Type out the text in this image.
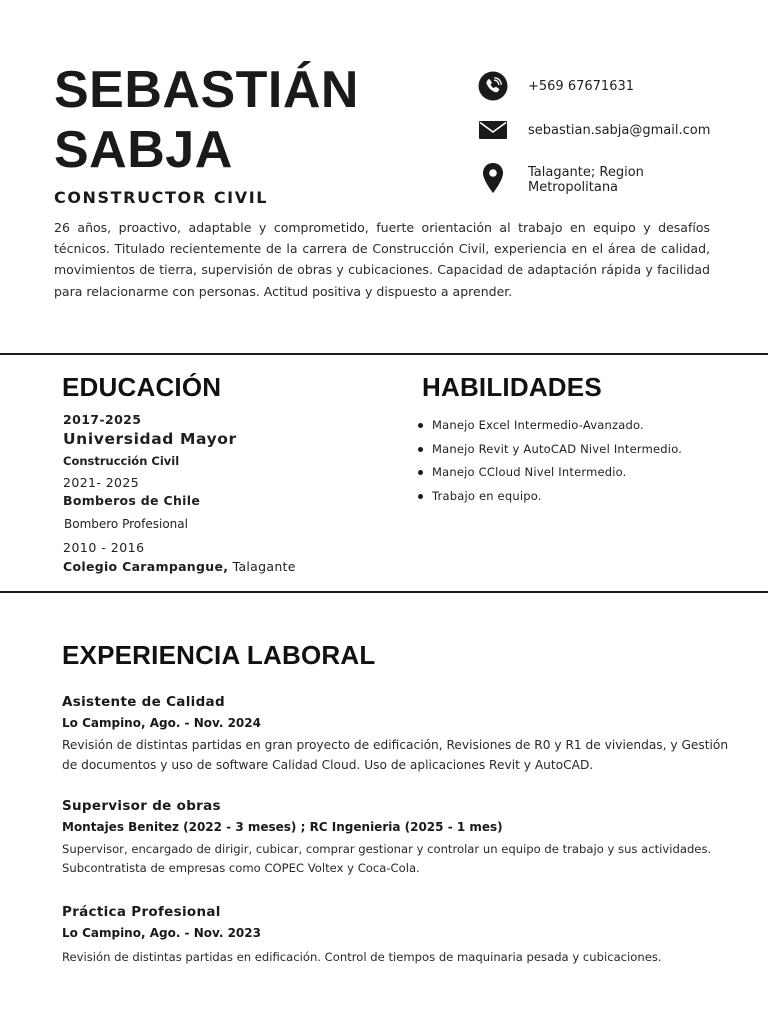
SEBASTIÁN
SABJA

CONSTRUCTOR CIVIL

+569 67671631
sebastian.sabja@gmail.com
Talagante; Region
Metropolitana

26 años, proactivo, adaptable y comprometido, fuerte orientación al trabajo en equipo y desafíos técnicos. Titulado recientemente de la carrera de Construcción Civil, experiencia en el área de calidad, movimientos de tierra, supervisión de obras y cubicaciones. Capacidad de adaptación rápida y facilidad para relacionarme con personas. Actitud positiva y dispuesto a aprender.

EDUCACIÓN

2017-2025

Universidad Mayor

Construcción Civil

2021- 2025

Bomberos de Chile

Bombero Profesional

2010 - 2016

Colegio Carampangue, Talagante

HABILIDADES
Manejo Excel Intermedio-Avanzado.
Manejo Revit y AutoCAD Nivel Intermedio.
Manejo CCloud Nivel Intermedio.
Trabajo en equipo.
EXPERIENCIA LABORAL

Asistente de Calidad

Lo Campino, Ago. - Nov. 2024

Revisión de distintas partidas en gran proyecto de edificación, Revisiones de R0 y R1 de viviendas, y Gestión de documentos y uso de software Calidad Cloud. Uso de aplicaciones Revit y AutoCAD.

Supervisor de obras

Montajes Benitez (2022 - 3 meses) ; RC Ingenieria (2025 - 1 mes)

Supervisor, encargado de dirigir, cubicar, comprar gestionar y controlar un equipo de trabajo y sus actividades. Subcontratista de empresas como COPEC Voltex y Coca-Cola.

Práctica Profesional

Lo Campino, Ago. - Nov. 2023

Revisión de distintas partidas en edificación. Control de tiempos de maquinaria pesada y cubicaciones.
